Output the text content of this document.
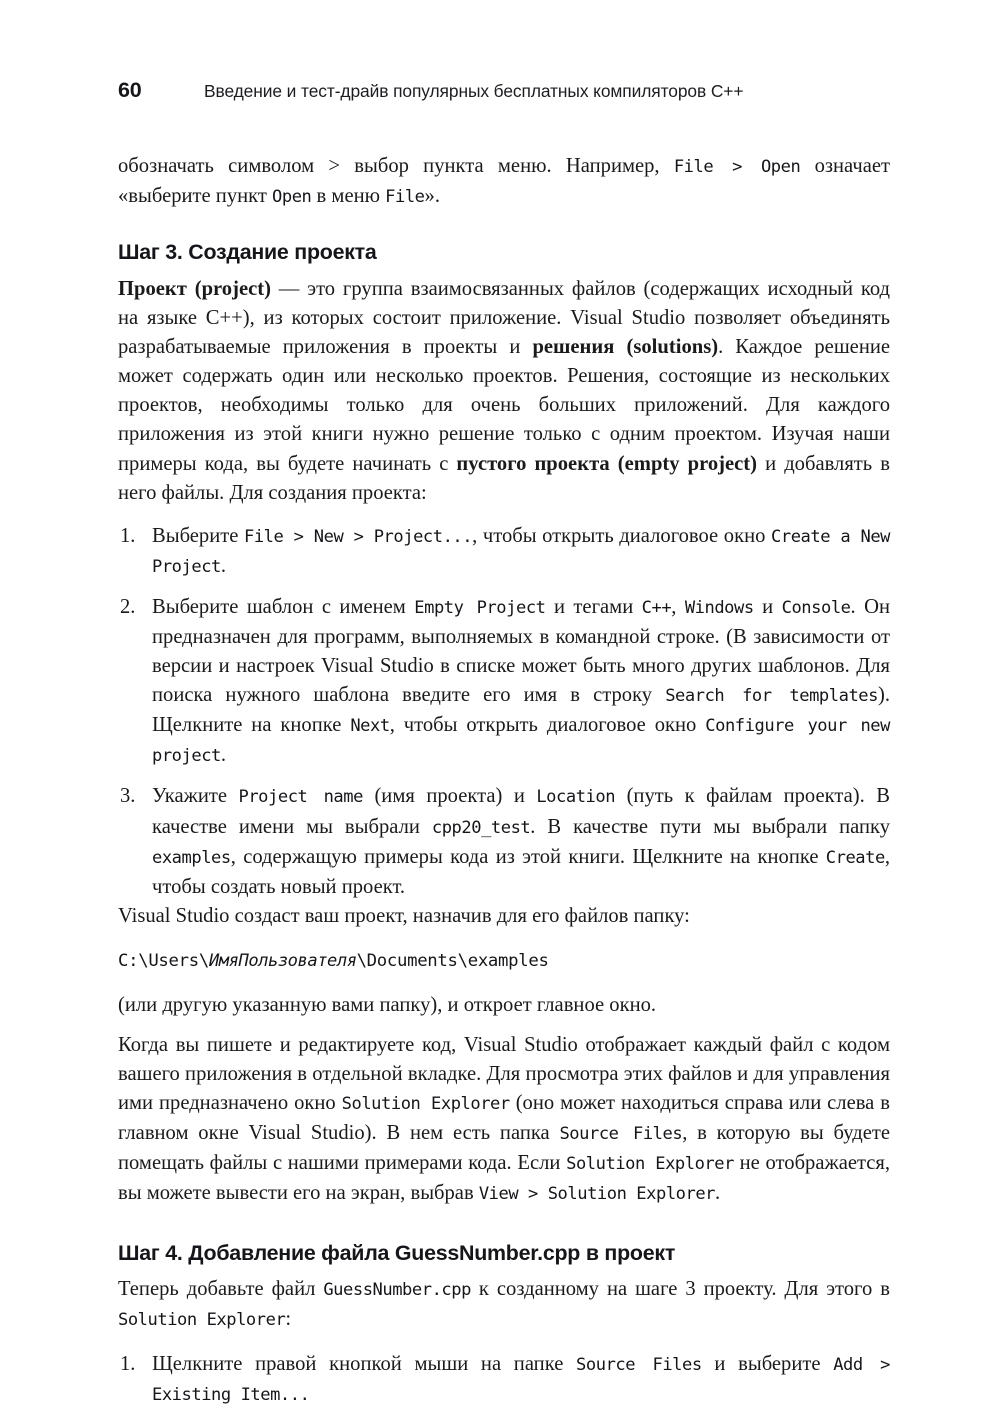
60	Введение и тест-драйв популярных бесплатных компиляторов C++

обозначать символом > выбор пункта меню. Например, File > Open означает «выберите пункт Open в меню File».

Шаг 3. Создание проекта

Проект (project) — это группа взаимосвязанных файлов (содержащих исходный код на языке C++), из которых состоит приложение. Visual Studio позволяет объединять разрабатываемые приложения в проекты и решения (solutions). Каждое решение может содержать один или несколько проектов. Решения, состоящие из нескольких проектов, необходимы только для очень больших приложений. Для каждого приложения из этой книги нужно решение только с одним проектом. Изучая наши примеры кода, вы будете начинать с пустого проекта (empty project) и добавлять в него файлы. Для создания проекта:

1. Выберите File > New > Project..., чтобы открыть диалоговое окно Create a New Project.
2. Выберите шаблон с именем Empty Project и тегами C++, Windows и Console. Он предназначен для программ, выполняемых в командной строке. (В зависимости от версии и настроек Visual Studio в списке может быть много других шаблонов. Для поиска нужного шаблона введите его имя в строку Search for templates). Щелкните на кнопке Next, чтобы открыть диалоговое окно Configure your new project.
3. Укажите Project name (имя проекта) и Location (путь к файлам проекта). В качестве имени мы выбрали cpp20_test. В качестве пути мы выбрали папку examples, содержащую примеры кода из этой книги. Щелкните на кнопке Create, чтобы создать новый проект.

Visual Studio создаст ваш проект, назначив для его файлов папку:

C:\Users\ИмяПользователя\Documents\examples

(или другую указанную вами папку), и откроет главное окно.

Когда вы пишете и редактируете код, Visual Studio отображает каждый файл с кодом вашего приложения в отдельной вкладке. Для просмотра этих файлов и для управления ими предназначено окно Solution Explorer (оно может находиться справа или слева в главном окне Visual Studio). В нем есть папка Source Files, в которую вы будете помещать файлы с нашими примерами кода. Если Solution Explorer не отображается, вы можете вывести его на экран, выбрав View > Solution Explorer.

Шаг 4. Добавление файла GuessNumber.cpp в проект

Теперь добавьте файл GuessNumber.cpp к созданному на шаге 3 проекту. Для этого в Solution Explorer:

1. Щелкните правой кнопкой мыши на папке Source Files и выберите Add > Existing Item...
